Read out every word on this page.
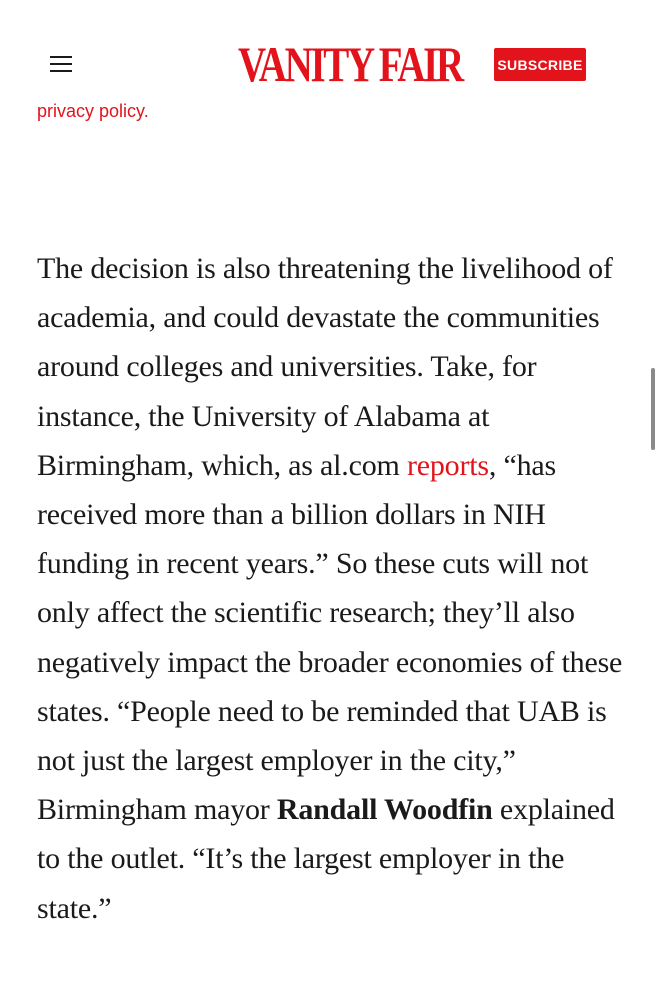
privacy policy.
VANITY FAIR	SUBSCRIBE

The decision is also threatening the livelihood of academia, and could devastate the communities around colleges and universities. Take, for instance, the University of Alabama at Birmingham, which, as al.com reports, “has received more than a billion dollars in NIH funding in recent years.” So these cuts will not only affect the scientific research; they’ll also negatively impact the broader economies of these states. “People need to be reminded that UAB is not just the largest employer in the city,” Birmingham mayor Randall Woodfin explained to the outlet. “It’s the largest employer in the state.”
